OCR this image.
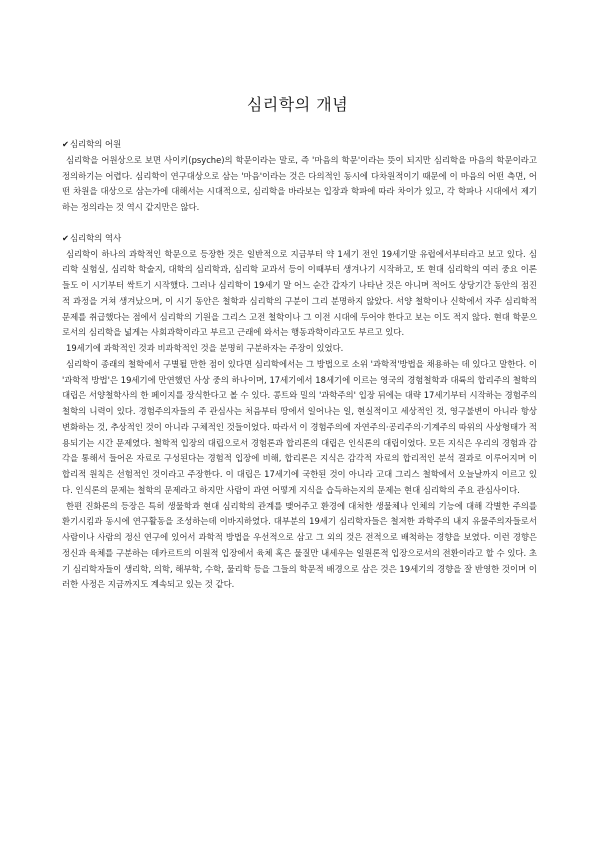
심리학의 개념
✔심리학의 어원

심리학을 어원상으로 보면 사이키(psyche)의 학문이라는 말로, 즉 '마음의 학문'이라는 뜻이 되지만 심리학을 마음의 학문이라고 정의하기는 어렵다. 심리학이 연구대상으로 삼는 '마음'이라는 것은 다의적인 동시에 다차원적이기 때문에 이 마음의 어떤 측면, 어떤 차원을 대상으로 삼는가에 대해서는 시대적으로, 심리학을 바라보는 입장과 학파에 따라 차이가 있고, 각 학파나 시대에서 제기하는 정의라는 것 역시 같지만은 않다.

✔심리학의 역사

심리학이 하나의 과학적인 학문으로 등장한 것은 일반적으로 지금부터 약 1세기 전인 19세기말 유럽에서부터라고 보고 있다. 심리학 실험실, 심리학 학술지, 대학의 심리학과, 심리학 교과서 등이 이때부터 생겨나기 시작하고, 또 현대 심리학의 여러 중요 이론들도 이 시기부터 싹트기 시작했다. 그러나 심리학이 19세기 말 어느 순간 갑자기 나타난 것은 아니며 적어도 상당기간 동안의 점진적 과정을 거쳐 생겨났으며, 이 시기 동안은 철학과 심리학의 구분이 그리 분명하지 않았다. 서양 철학이나 신학에서 자주 심리학적 문제를 취급했다는 점에서 심리학의 기원을 그리스 고전 철학이나 그 이전 시대에 두어야 한다고 보는 이도 적지 않다. 현대 학문으로서의 심리학을 넓게는 사회과학이라고 부르고 근래에 와서는 행동과학이라고도 부르고 있다.

19세기에 과학적인 것과 비과학적인 것을 분명히 구분하자는 주장이 있었다.

심리학이 종래의 철학에서 구별될 만한 점이 있다면 심리학에서는 그 방법으로 소위 '과학적'방법을 채용하는 데 있다고 말한다. 이 '과학적 방법'은 19세기에 만연했던 사상 중의 하나이며, 17세기에서 18세기에 이르는 영국의 경험철학과 대륙의 합리주의 철학의 대립은 서양철학사의 한 페이지를 장식한다고 볼 수 있다. 콩트와 밀의 '과학주의' 입장 뒤에는 대략 17세기부터 시작하는 경험주의 철학의 니력이 있다. 경험주의자들의 주 관심사는 처음부터 땅에서 일어나는 일, 현실적이고 세상적인 것, 영구불변이 아니라 항상 변화하는 것, 추상적인 것이 아니라 구체적인 것들이었다. 따라서 이 경험주의에 자연주의·공리주의·기계주의 따위의 사상형태가 적용되기는 시간 문제였다. 철학적 입장의 대립으로서 경험론과 합리론의 대립은 인식론의 대립이었다. 모든 지식은 우리의 경험과 감각을 통해서 들어온 자료로 구성된다는 경험적 입장에 비해, 합리론은 지식은 감각적 자료의 합리적인 분석 결과로 이루어지며 이 합리적 원칙은 선험적인 것이라고 주장한다. 이 대립은 17세기에 국한된 것이 아니라 고대 그리스 철학에서 오늘날까지 이르고 있다. 인식론의 문제는 철학의 문제라고 하지만 사람이 과연 어떻게 지식을 습득하는지의 문제는 현대 심리학의 주요 관심사이다.

한편 진화론의 등장은 특히 생물학과 현대 심리학의 관계를 맺어주고 환경에 대처한 생물체나 인체의 기능에 대해 각별한 주의를 환기시킴과 동시에 연구활동을 조성하는데 이바지하였다. 대부분의 19세기 심리학자들은 철저한 과학주의 내지 유물주의자들로서 사람이나 사람의 정신 연구에 있어서 과학적 방법을 우선적으로 삼고 그 외의 것은 전적으로 배척하는 경향을 보였다. 이런 경향은 정신과 육체를 구분하는 데카르트의 이원적 입장에서 육체 혹은 물질만 내세우는 일원론적 입장으로서의 전환이라고 할 수 있다. 초기 심리학자들이 생리학, 의학, 해부학, 수학, 물리학 등을 그들의 학문적 배경으로 삼은 것은 19세기의 경향을 잘 반영한 것이며 이러한 사정은 지금까지도 계속되고 있는 것 같다.
